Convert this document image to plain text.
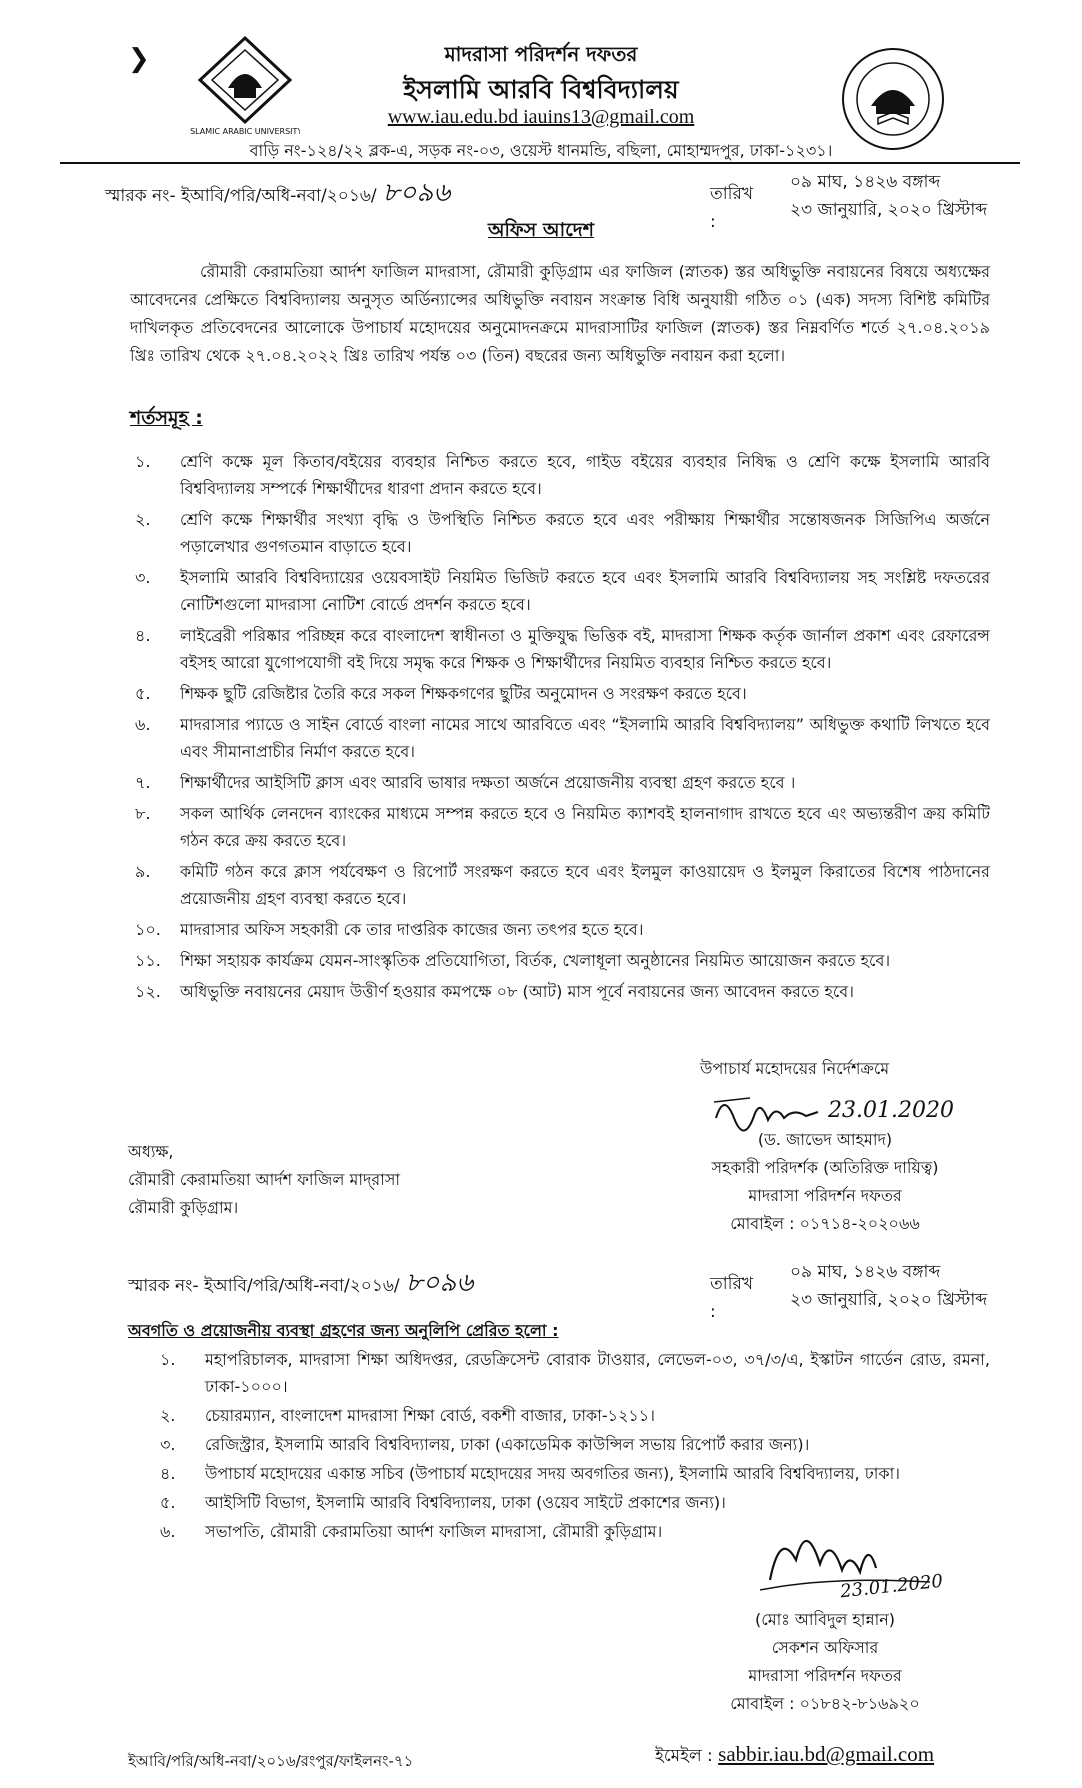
ISLAMIC ARABIC UNIVERSITY
❯	মাদরাসা পরিদর্শন দফতর
ইসলামি আরবি বিশ্ববিদ্যালয়
www.iau.edu.bd iauins13@gmail.com
বাড়ি নং-১২৪/২২ ব্লক-এ, সড়ক নং-০৩, ওয়েস্ট ধানমন্ডি, বছিলা, মোহাম্মদপুর, ঢাকা-১২৩১।
স্মারক নং- ইআবি/পরি/অধি-নবা/২০১৬/ ৮০৯৬	তারিখ :
০৯ মাঘ, ১৪২৬ বঙ্গাব্দ
২৩ জানুয়ারি, ২০২০ খ্রিস্টাব্দ
অফিস আদেশ
রৌমারী কেরামতিয়া আর্দশ ফাজিল মাদরাসা, রৌমারী কুড়িগ্রাম এর ফাজিল (স্নাতক) স্তর অধিভুক্তি নবায়নের বিষয়ে অধ্যক্ষের আবেদনের প্রেক্ষিতে বিশ্ববিদ্যালয় অনুসৃত অর্ডিন্যান্সের অধিভুক্তি নবায়ন সংক্রান্ত বিধি অনুযায়ী গঠিত ০১ (এক) সদস্য বিশিষ্ট কমিটির দাখিলকৃত প্রতিবেদনের আলোকে উপাচার্য মহোদয়ের অনুমোদনক্রমে মাদরাসাটির ফাজিল (স্নাতক) স্তর নিম্নবর্ণিত শর্তে ২৭.০৪.২০১৯ খ্রিঃ তারিখ থেকে ২৭.০৪.২০২২ খ্রিঃ তারিখ পর্যন্ত ০৩ (তিন) বছরের জন্য অধিভুক্তি নবায়ন করা হলো।
শর্তসমূহ :
১.	শ্রেণি কক্ষে মূল কিতাব/বইয়ের ব্যবহার নিশ্চিত করতে হবে, গাইড বইয়ের ব্যবহার নিষিদ্ধ ও শ্রেণি কক্ষে ইসলামি আরবি বিশ্ববিদ্যালয় সম্পর্কে শিক্ষার্থীদের ধারণা প্রদান করতে হবে।
২.	শ্রেণি কক্ষে শিক্ষার্থীর সংখ্যা বৃদ্ধি ও উপস্থিতি নিশ্চিত করতে হবে এবং পরীক্ষায় শিক্ষার্থীর সন্তোষজনক সিজিপিএ অর্জনে পড়ালেখার গুণগতমান বাড়াতে হবে।
৩.	ইসলামি আরবি বিশ্ববিদ্যায়ের ওয়েবসাইট নিয়মিত ভিজিট করতে হবে এবং ইসলামি আরবি বিশ্ববিদ্যালয় সহ সংশ্লিষ্ট দফতরের নোটিশগুলো মাদরাসা নোটিশ বোর্ডে প্রদর্শন করতে হবে।
৪.	লাইব্রেরী পরিষ্কার পরিচ্ছন্ন করে বাংলাদেশ স্বাধীনতা ও মুক্তিযুদ্ধ ভিত্তিক বই, মাদরাসা শিক্ষক কর্তৃক জার্নাল প্রকাশ এবং রেফারেন্স বইসহ আরো যুগোপযোগী বই দিয়ে সমৃদ্ধ করে শিক্ষক ও শিক্ষার্থীদের নিয়মিত ব্যবহার নিশ্চিত করতে হবে।
৫.	শিক্ষক ছুটি রেজিষ্টার তৈরি করে সকল শিক্ষকগণের ছুটির অনুমোদন ও সংরক্ষণ করতে হবে।
৬.	মাদরাসার প্যাডে ও সাইন বোর্ডে বাংলা নামের সাথে আরবিতে এবং “ইসলামি আরবি বিশ্ববিদ্যালয়” অধিভুক্ত কথাটি লিখতে হবে এবং সীমানাপ্রাচীর নির্মাণ করতে হবে।
৭.	শিক্ষার্থীদের আইসিটি ক্লাস এবং আরবি ভাষার দক্ষতা অর্জনে প্রয়োজনীয় ব্যবস্থা গ্রহণ করতে হবে ।
৮.	সকল আর্থিক লেনদেন ব্যাংকের মাধ্যমে সম্পন্ন করতে হবে ও নিয়মিত ক্যাশবই হালনাগাদ রাখতে হবে এং অভ্যন্তরীণ ক্রয় কমিটি গঠন করে ক্রয় করতে হবে।
৯.	কমিটি গঠন করে ক্লাস পর্যবেক্ষণ ও রিপোর্ট সংরক্ষণ করতে হবে এবং ইলমুল কাওয়ায়েদ ও ইলমুল কিরাতের বিশেষ পাঠদানের প্রয়োজনীয় গ্রহণ ব্যবস্থা করতে হবে।
১০.	মাদরাসার অফিস সহকারী কে তার দাপ্তরিক কাজের জন্য তৎপর হতে হবে।
১১.	শিক্ষা সহায়ক কার্যক্রম যেমন-সাংস্কৃতিক প্রতিযোগিতা, বির্তক, খেলাধূলা অনুষ্ঠানের নিয়মিত আয়োজন করতে হবে।
১২.	অধিভুক্তি নবায়নের মেয়াদ উত্তীর্ণ হওয়ার কমপক্ষে ০৮ (আট) মাস পূর্বে নবায়নের জন্য আবেদন করতে হবে।
উপাচার্য মহোদয়ের নির্দেশক্রমে
23.01.2020
অধ্যক্ষ,
রৌমারী কেরামতিয়া আর্দশ ফাজিল মাদ্‌রাসা
রৌমারী কুড়িগ্রাম।
(ড. জাভেদ আহমাদ)
সহকারী পরিদর্শক (অতিরিক্ত দায়িত্ব)
মাদরাসা পরিদর্শন দফতর
মোবাইল : ০১৭১৪-২০২০৬৬
স্মারক নং- ইআবি/পরি/অধি-নবা/২০১৬/ ৮০৯৬	তারিখ :
০৯ মাঘ, ১৪২৬ বঙ্গাব্দ
২৩ জানুয়ারি, ২০২০ খ্রিস্টাব্দ
অবগতি ও প্রয়োজনীয় ব্যবস্থা গ্রহণের জন্য অনুলিপি প্রেরিত হলো :
১.	মহাপরিচালক, মাদরাসা শিক্ষা অধিদপ্তর, রেডক্রিসেন্ট বোরাক টাওয়ার, লেভেল-০৩, ৩৭/৩/এ, ইস্কাটন গার্ডেন রোড, রমনা, ঢাকা-১০০০।
২.	চেয়ারম্যান, বাংলাদেশ মাদরাসা শিক্ষা বোর্ড, বকশী বাজার, ঢাকা-১২১১।
৩.	রেজিস্ট্রার, ইসলামি আরবি বিশ্ববিদ্যালয়, ঢাকা (একাডেমিক কাউন্সিল সভায় রিপোর্ট করার জন্য)।
৪.	উপাচার্য মহোদয়ের একান্ত সচিব (উপাচার্য মহোদয়ের সদয় অবগতির জন্য), ইসলামি আরবি বিশ্ববিদ্যালয়, ঢাকা।
৫.	আইসিটি বিভাগ, ইসলামি আরবি বিশ্ববিদ্যালয়, ঢাকা (ওয়েব সাইটে প্রকাশের জন্য)।
৬.	সভাপতি, রৌমারী কেরামতিয়া আর্দশ ফাজিল মাদরাসা, রৌমারী কুড়িগ্রাম।
23.01.2020
(মোঃ আবিদুল হান্নান)
সেকশন অফিসার
মাদরাসা পরিদর্শন দফতর
মোবাইল : ০১৮৪২-৮১৬৯২০
ইআবি/পরি/অধি-নবা/২০১৬/রংপুর/ফাইলনং-৭১	ইমেইল : sabbir.iau.bd@gmail.com
